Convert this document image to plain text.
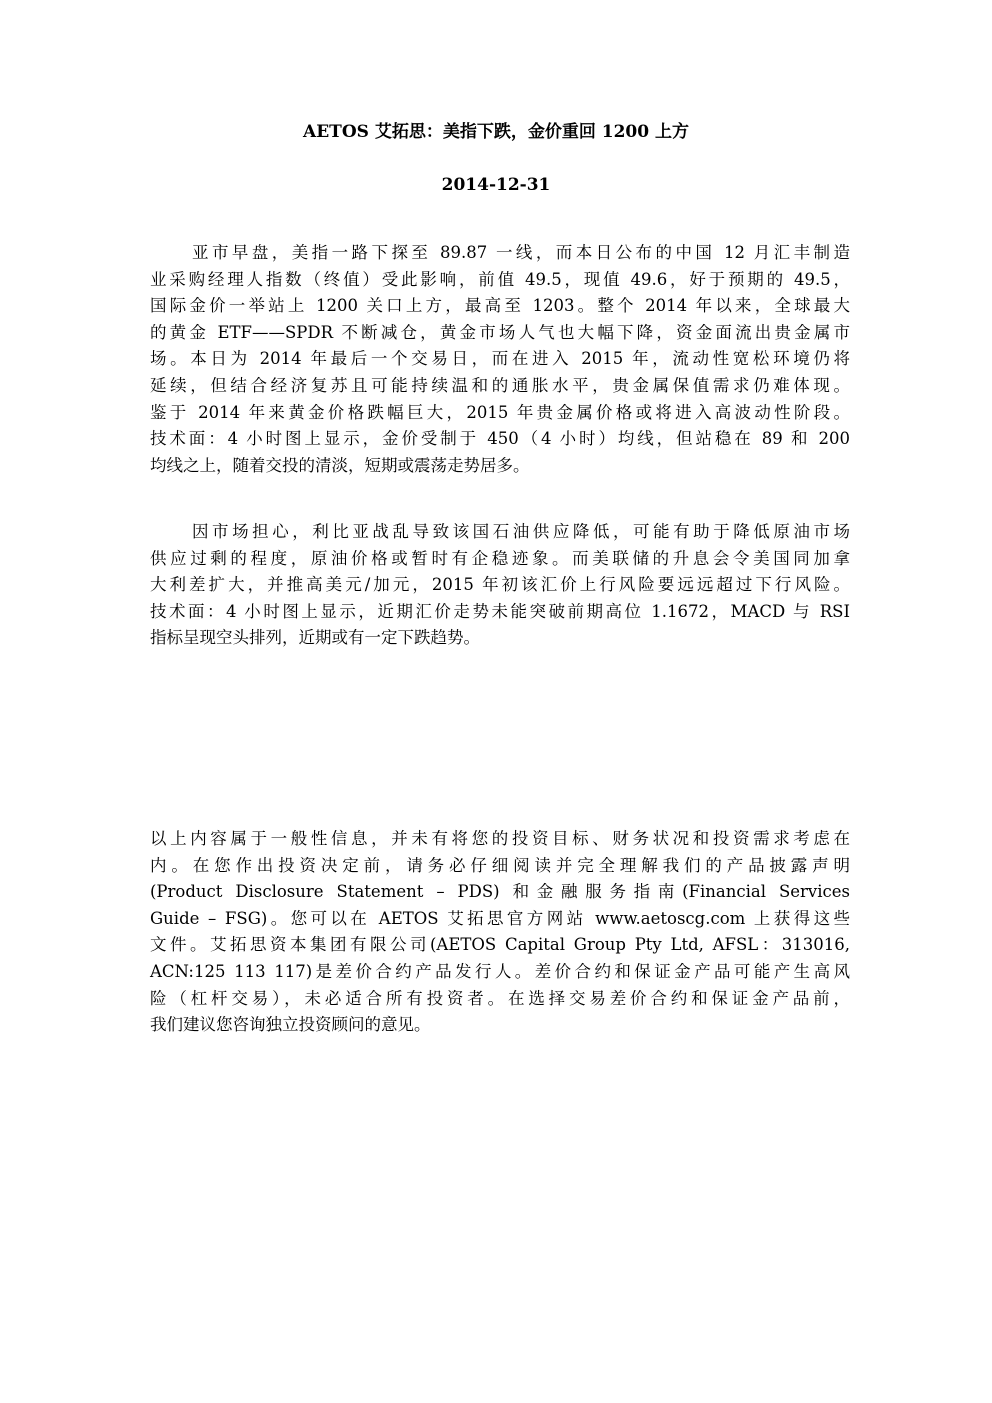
AETOS 艾拓思：美指下跌，金价重回 1200 上方
2014-12-31
亚市早盘，美指一路下探至 89.87 一线，而本日公布的中国 12 月汇丰制造
业采购经理人指数（终值）受此影响，前值 49.5，现值 49.6，好于预期的 49.5，
国际金价一举站上 1200 关口上方，最高至 1203。整个 2014 年以来，全球最大
的黄金 ETF——SPDR 不断减仓，黄金市场人气也大幅下降，资金面流出贵金属市
场。本日为 2014 年最后一个交易日，而在进入 2015 年，流动性宽松环境仍将
延续，但结合经济复苏且可能持续温和的通胀水平，贵金属保值需求仍难体现。
鉴于 2014 年来黄金价格跌幅巨大，2015 年贵金属价格或将进入高波动性阶段。
技术面：4 小时图上显示，金价受制于 450（4 小时）均线，但站稳在 89 和 200
均线之上，随着交投的清淡，短期或震荡走势居多。
因市场担心，利比亚战乱导致该国石油供应降低，可能有助于降低原油市场
供应过剩的程度，原油价格或暂时有企稳迹象。而美联储的升息会令美国同加拿
大利差扩大，并推高美元/加元，2015 年初该汇价上行风险要远远超过下行风险。
技术面：4 小时图上显示，近期汇价走势未能突破前期高位 1.1672，MACD 与 RSI
指标呈现空头排列，近期或有一定下跌趋势。
以上内容属于一般性信息，并未有将您的投资目标、财务状况和投资需求考虑在
内。在您作出投资决定前，请务必仔细阅读并完全理解我们的产品披露声明
(Product Disclosure Statement – PDS) 和金融服务指南(Financial Services
Guide – FSG)。您可以在 AETOS 艾拓思官方网站 www.aetoscg.com 上获得这些
文件。艾拓思资本集团有限公司(AETOS Capital Group Pty Ltd, AFSL：313016,
ACN:125 113 117)是差价合约产品发行人。差价合约和保证金产品可能产生高风
险（杠杆交易），未必适合所有投资者。在选择交易差价合约和保证金产品前，
我们建议您咨询独立投资顾问的意见。
